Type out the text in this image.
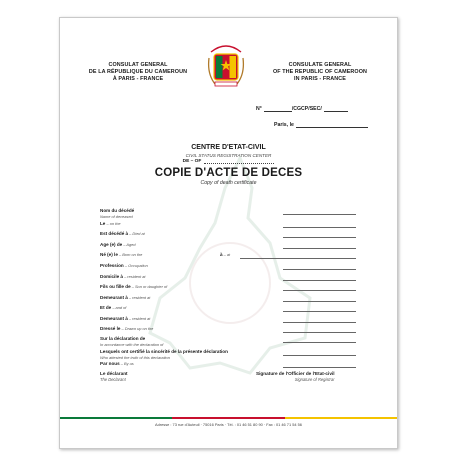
CONSULAT GENERAL
DE LA RÉPUBLIQUE DU CAMEROUN
À PARIS - FRANCE
CONSULATE GENERAL
OF THE REPUBLIC OF CAMEROON
IN PARIS - FRANCE
N°	/CGCP/SEC/
Paris, le
CENTRE D'ETAT-CIVIL
CIVIL STATUS REGISTRATION CENTER
DE – OF
COPIE D'ACTE DE DECES
Copy of death certificate
Nom du décédé
Name of deceased
Le – on the
Est décédé à – Died at
Age (e) de – Aged
Né (e) le – Born on the	à – at
Profession – Occupation
Domicile à – resident at
Fils ou fille de – Son or daughter of
Demeurant à – resident at
Et de – and of
Demeurant à – resident at
Dressé le – Drawn up on the
Sur la déclaration de
In accordance with the declaration of
Lesquels ont certifié la sincérité de la présente déclaration
Who attested the truth of this declaration
Par nous – By us
Le déclarant
The Declarant
Signature de l'Officier de l'Etat-civil
Signature of Registrar
Adresse : 73 rue d'Auteuil · 75016 Paris · Tél. : 01 46 51 80 90 · Fax : 01 46 71 54 56
